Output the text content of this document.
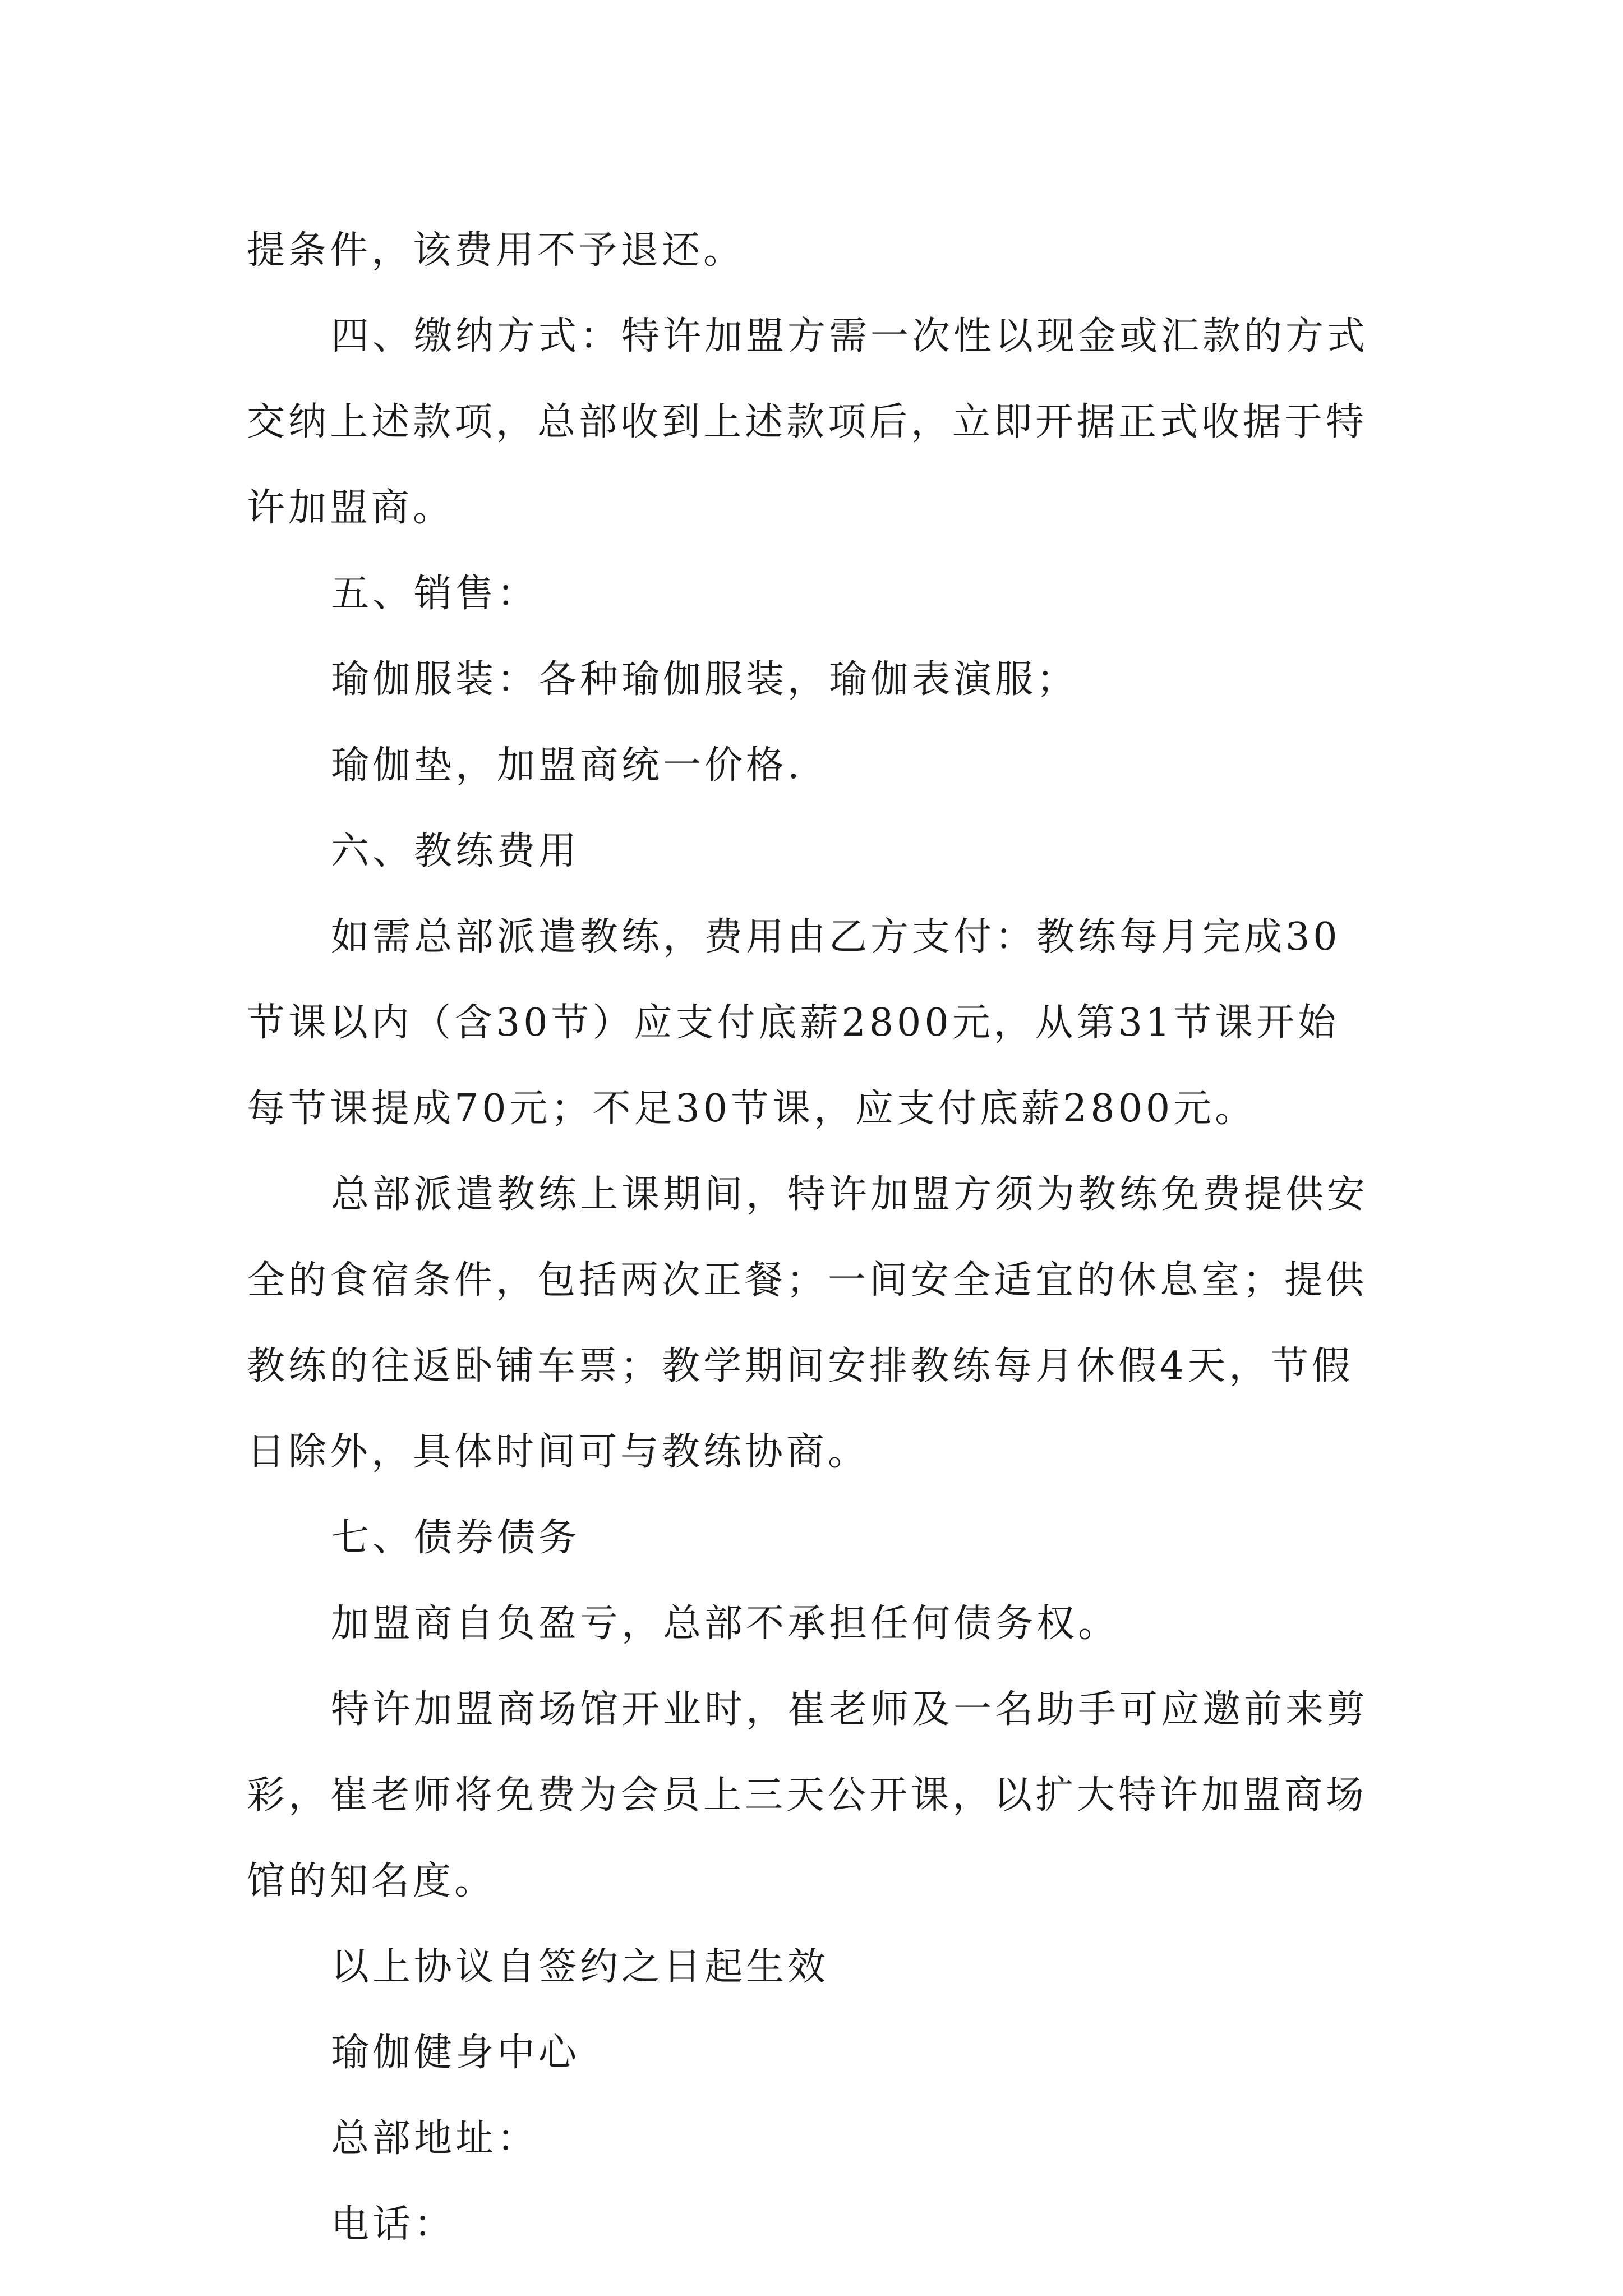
提条件，该费用不予退还。

四、缴纳方式：特许加盟方需一次性以现金或汇款的方式交纳上述款项，总部收到上述款项后，立即开据正式收据于特许加盟商。

五、销售：

瑜伽服装：各种瑜伽服装，瑜伽表演服；

瑜伽垫，加盟商统一价格.

六、教练费用

如需总部派遣教练，费用由乙方支付：教练每月完成30节课以内（含30节）应支付底薪2800元，从第31节课开始每节课提成70元；不足30节课，应支付底薪2800元。

总部派遣教练上课期间，特许加盟方须为教练免费提供安全的食宿条件，包括两次正餐；一间安全适宜的休息室；提供教练的往返卧铺车票；教学期间安排教练每月休假4天，节假日除外，具体时间可与教练协商。

七、债券债务

加盟商自负盈亏，总部不承担任何债务权。

特许加盟商场馆开业时，崔老师及一名助手可应邀前来剪彩，崔老师将免费为会员上三天公开课，以扩大特许加盟商场馆的知名度。

以上协议自签约之日起生效

瑜伽健身中心

总部地址：

电话：
